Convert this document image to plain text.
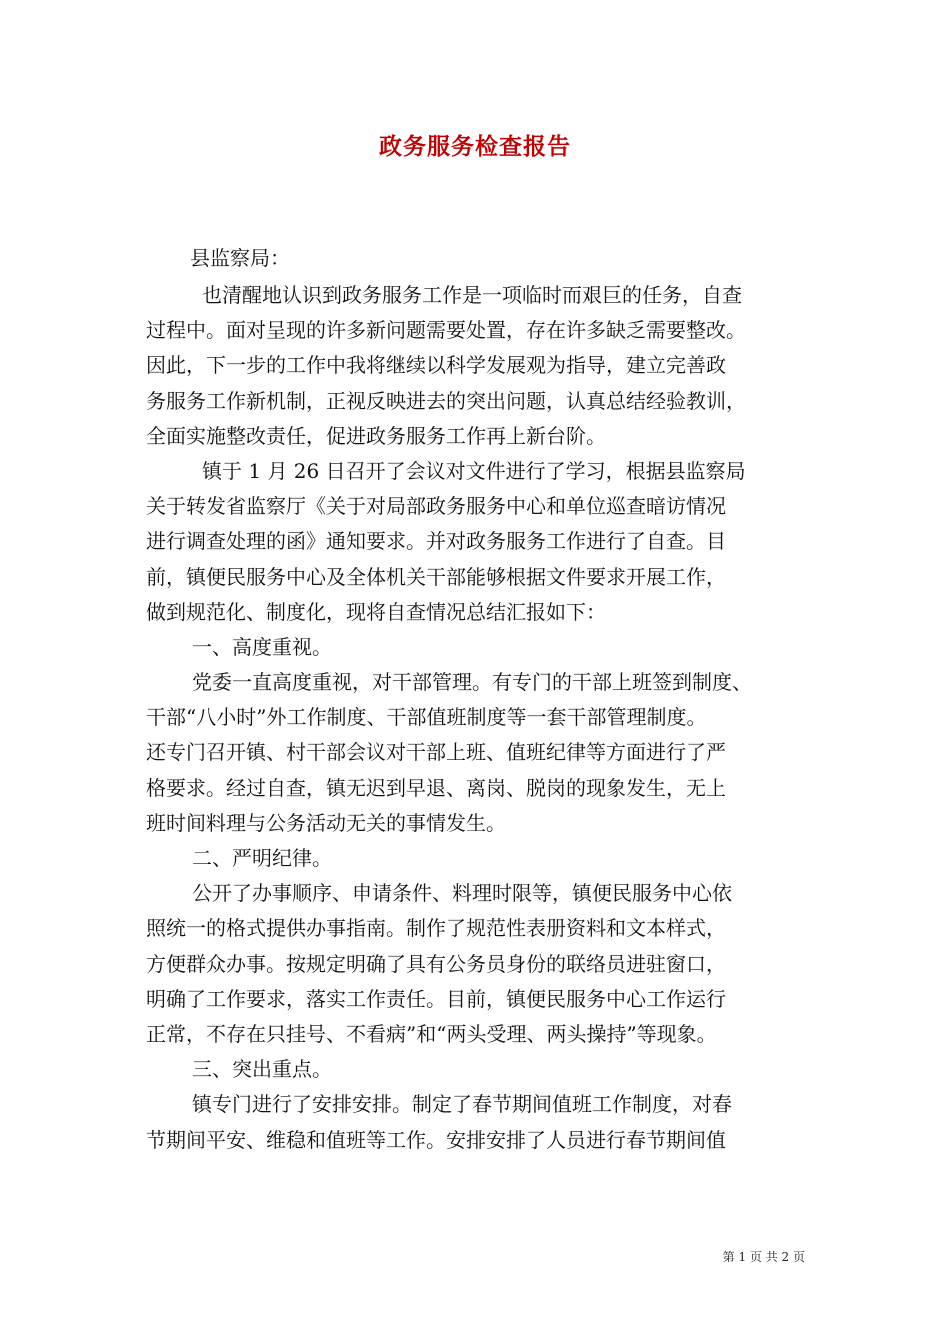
政务服务检查报告

县监察局：

也清醒地认识到政务服务工作是一项临时而艰巨的任务，自查
过程中。面对呈现的许多新问题需要处置，存在许多缺乏需要整改。
因此，下一步的工作中我将继续以科学发展观为指导，建立完善政
务服务工作新机制，正视反映进去的突出问题，认真总结经验教训，
全面实施整改责任，促进政务服务工作再上新台阶。
镇于 1 月 26 日召开了会议对文件进行了学习，根据县监察局
关于转发省监察厅《关于对局部政务服务中心和单位巡查暗访情况
进行调查处理的函》通知要求。并对政务服务工作进行了自查。目
前，镇便民服务中心及全体机关干部能够根据文件要求开展工作，
做到规范化、制度化，现将自查情况总结汇报如下：
一、高度重视。
党委一直高度重视，对干部管理。有专门的干部上班签到制度、
干部“八小时”外工作制度、干部值班制度等一套干部管理制度。
还专门召开镇、村干部会议对干部上班、值班纪律等方面进行了严
格要求。经过自查，镇无迟到早退、离岗、脱岗的现象发生，无上
班时间料理与公务活动无关的事情发生。
二、严明纪律。
公开了办事顺序、申请条件、料理时限等，镇便民服务中心依
照统一的格式提供办事指南。制作了规范性表册资料和文本样式，
方便群众办事。按规定明确了具有公务员身份的联络员进驻窗口，
明确了工作要求，落实工作责任。目前，镇便民服务中心工作运行
正常，不存在只挂号、不看病”和“两头受理、两头操持”等现象。
三、突出重点。
镇专门进行了安排安排。制定了春节期间值班工作制度，对春
节期间平安、维稳和值班等工作。安排安排了人员进行春节期间值

第 1 页 共 2 页
